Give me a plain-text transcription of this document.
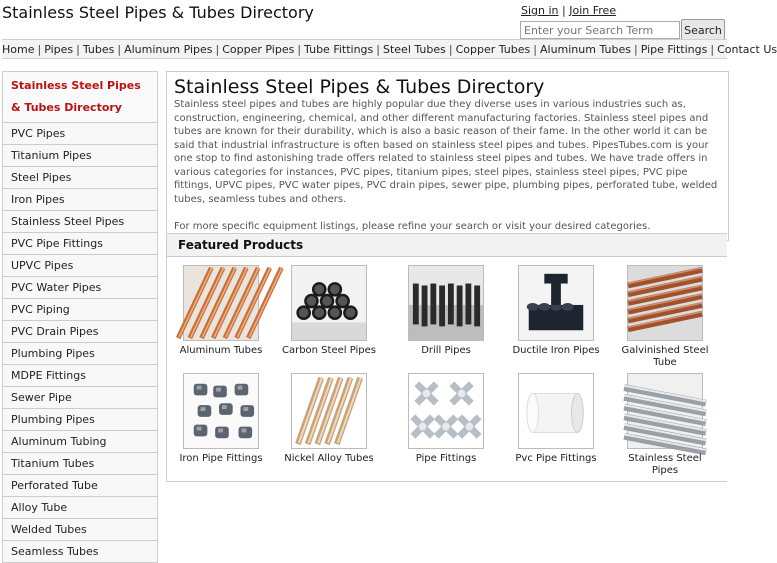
Stainless Steel Pipes & Tubes Directory	Sign in | Join Free
Enter your Search Term
Search
Home | Pipes | Tubes | Aluminum Pipes | Copper Pipes | Tube Fittings | Steel Tubes | Copper Tubes | Aluminum Tubes | Pipe Fittings | Contact Us
Stainless Steel Pipes & Tubes Directory
PVC Pipes
Titanium Pipes
Steel Pipes
Iron Pipes
Stainless Steel Pipes
PVC Pipe Fittings
UPVC Pipes
PVC Water Pipes
PVC Piping
PVC Drain Pipes
Plumbing Pipes
MDPE Fittings
Sewer Pipe
Plumbing Pipes
Aluminum Tubing
Titanium Tubes
Perforated Tube
Alloy Tube
Welded Tubes
Seamless Tubes
Stainless Steel Pipes & Tubes Directory

Stainless steel pipes and tubes are highly popular due they diverse uses in various industries such as, construction, engineering, chemical, and other different manufacturing factories. Stainless steel pipes and tubes are known for their durability, which is also a basic reason of their fame. In the other world it can be said that industrial infrastructure is often based on stainless steel pipes and tubes. PipesTubes.com is your one stop to find astonishing trade offers related to stainless steel pipes and tubes. We have trade offers in various categories for instances, PVC pipes, titanium pipes, steel pipes, stainless steel pipes, PVC pipe fittings, UPVC pipes, PVC water pipes, PVC drain pipes, sewer pipe, plumbing pipes, perforated tube, welded tubes, seamless tubes and others.

For more specific equipment listings, please refine your search or visit your desired categories.

Featured Products
Aluminum Tubes	Carbon Steel Pipes	Drill Pipes	Ductile Iron Pipes	Galvinished Steel Tube
Iron Pipe Fittings	Nickel Alloy Tubes	Pipe Fittings	Pvc Pipe Fittings	Stainless Steel Pipes
